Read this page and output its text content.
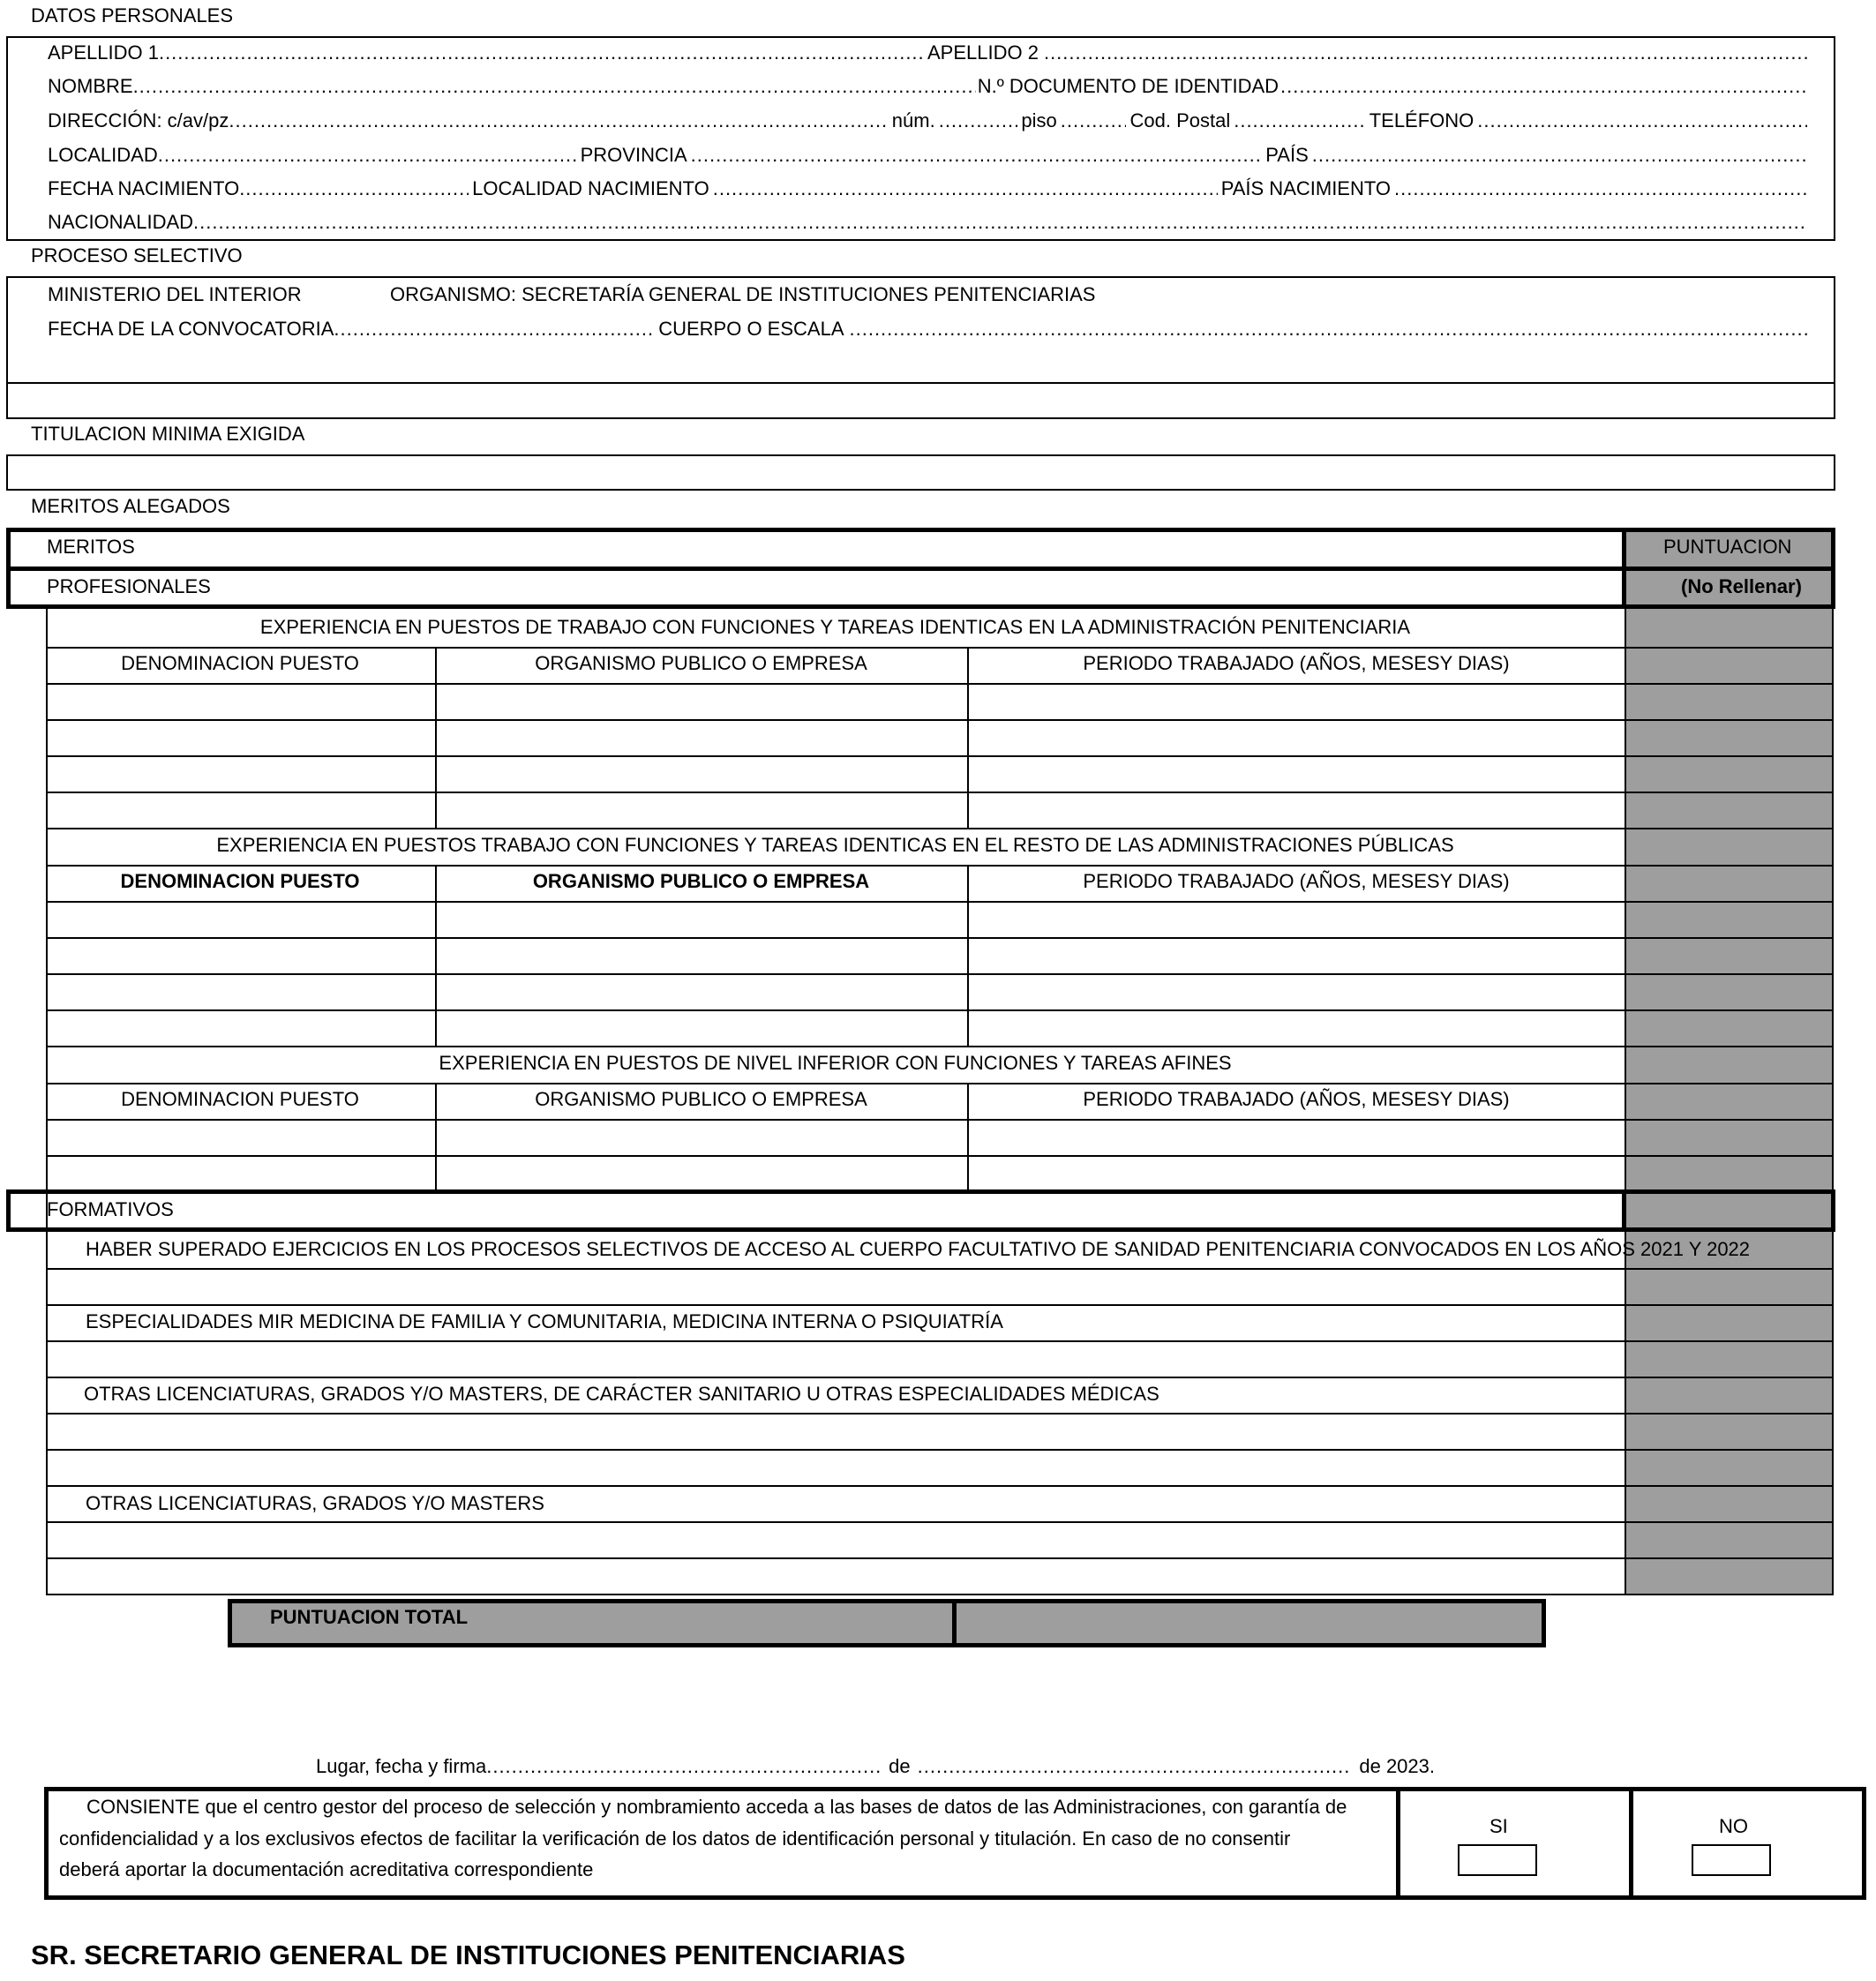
DATOS PERSONALES
APELLIDO 1 .....	APELLIDO 2
.....
NOMBRE .....	N.º DOCUMENTO DE IDENTIDAD
.....
DIRECCIÓN: c/av/pz .....	núm. .....	piso .....	Cod. Postal .....	TELÉFONO
.....
LOCALIDAD .....	PROVINCIA .....	PAÍS
.....
FECHA NACIMIENTO .....	LOCALIDAD NACIMIENTO .....	PAÍS NACIMIENTO
.....
NACIONALIDAD
.....
PROCESO SELECTIVO
MINISTERIO DEL INTERIOR	ORGANISMO: SECRETARÍA GENERAL DE INSTITUCIONES PENITENCIARIAS
FECHA DE LA CONVOCATORIA .....	CUERPO O ESCALA
.....
TITULACION MINIMA EXIGIDA
MERITOS ALEGADOS
MERITOS	PUNTUACION
PROFESIONALES	(No Rellenar)
EXPERIENCIA EN PUESTOS DE TRABAJO CON FUNCIONES Y TAREAS IDENTICAS EN LA ADMINISTRACIÓN PENITENCIARIA
DENOMINACION PUESTO	ORGANISMO PUBLICO O EMPRESA	PERIODO TRABAJADO (AÑOS, MESESY DIAS)
EXPERIENCIA EN PUESTOS TRABAJO CON FUNCIONES Y TAREAS IDENTICAS EN EL RESTO DE LAS ADMINISTRACIONES PÚBLICAS
DENOMINACION PUESTO	ORGANISMO PUBLICO O EMPRESA	PERIODO TRABAJADO (AÑOS, MESESY DIAS)
EXPERIENCIA EN PUESTOS DE NIVEL INFERIOR CON FUNCIONES Y TAREAS AFINES
DENOMINACION PUESTO	ORGANISMO PUBLICO O EMPRESA	PERIODO TRABAJADO (AÑOS, MESESY DIAS)
FORMATIVOS
HABER SUPERADO EJERCICIOS EN LOS PROCESOS SELECTIVOS DE ACCESO AL CUERPO FACULTATIVO DE SANIDAD PENITENCIARIA CONVOCADOS EN LOS AÑOS 2021 Y 2022
ESPECIALIDADES MIR MEDICINA DE FAMILIA Y COMUNITARIA, MEDICINA INTERNA O PSIQUIATRÍA
OTRAS LICENCIATURAS, GRADOS Y/O MASTERS, DE CARÁCTER SANITARIO U OTRAS ESPECIALIDADES MÉDICAS
OTRAS LICENCIATURAS, GRADOS Y/O MASTERS
PUNTUACION TOTAL
Lugar, fecha y firma .....	de .....	de 2023.
CONSIENTE que el centro gestor del proceso de selección y nombramiento acceda a las bases de datos de las Administraciones, con garantía de
confidencialidad y a los exclusivos efectos de facilitar la verificación de los datos de identificación personal y titulación. En caso de no consentir
deberá aportar la documentación acreditativa correspondiente
SI	NO
SR. SECRETARIO GENERAL DE INSTITUCIONES PENITENCIARIAS
